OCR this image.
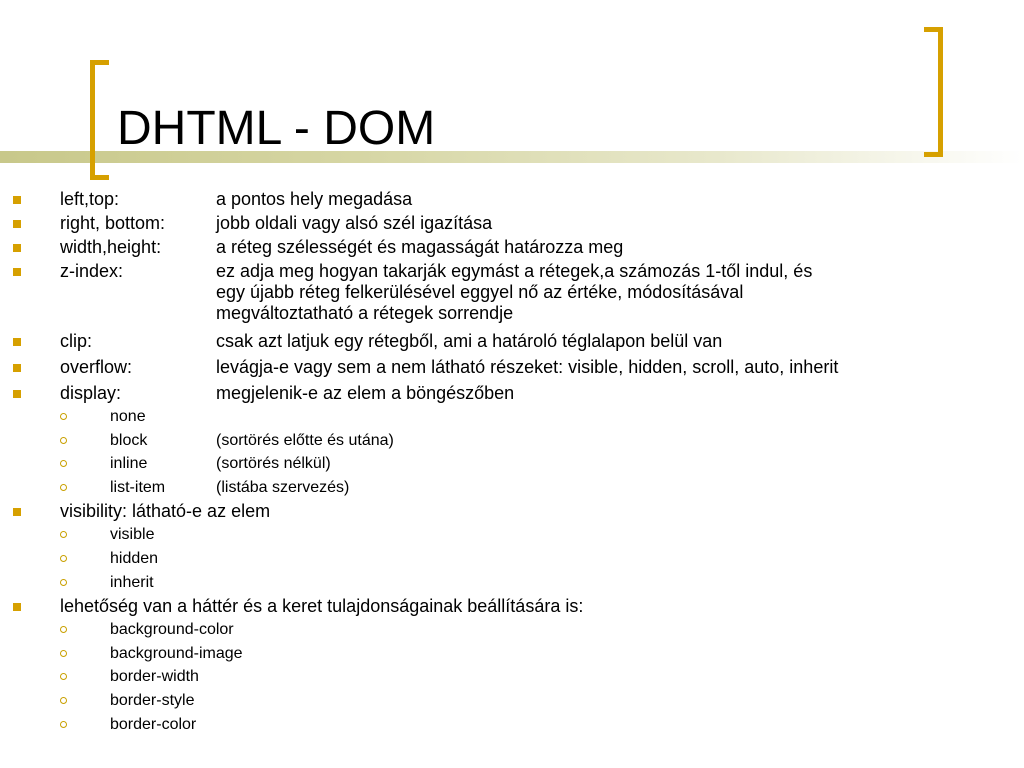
DHTML - DOM
left,top:	a pontos hely megadása

right, bottom:	jobb oldali vagy alsó szél igazítása

width,height:	a réteg szélességét és magasságát határozza meg

z-index:	ez adja meg hogyan takarják egymást a rétegek,a számozás 1-től indul, és
egy újabb réteg felkerülésével eggyel nő az értéke, módosításával
megváltoztatható a rétegek sorrendje
clip:	csak azt latjuk egy rétegből, ami a határoló téglalapon belül van

overflow:	levágja-e vagy sem a nem látható részeket: visible, hidden, scroll, auto, inherit

display:	megjelenik-e az elem a böngészőben

none

block	(sortörés előtte és utána)

inline	(sortörés nélkül)

list-item	(listába szervezés)

visibility: látható-e az elem

visible

hidden

inherit

lehetőség van a háttér és a keret tulajdonságainak beállítására is:

background-color

background-image

border-width

border-style

border-color
